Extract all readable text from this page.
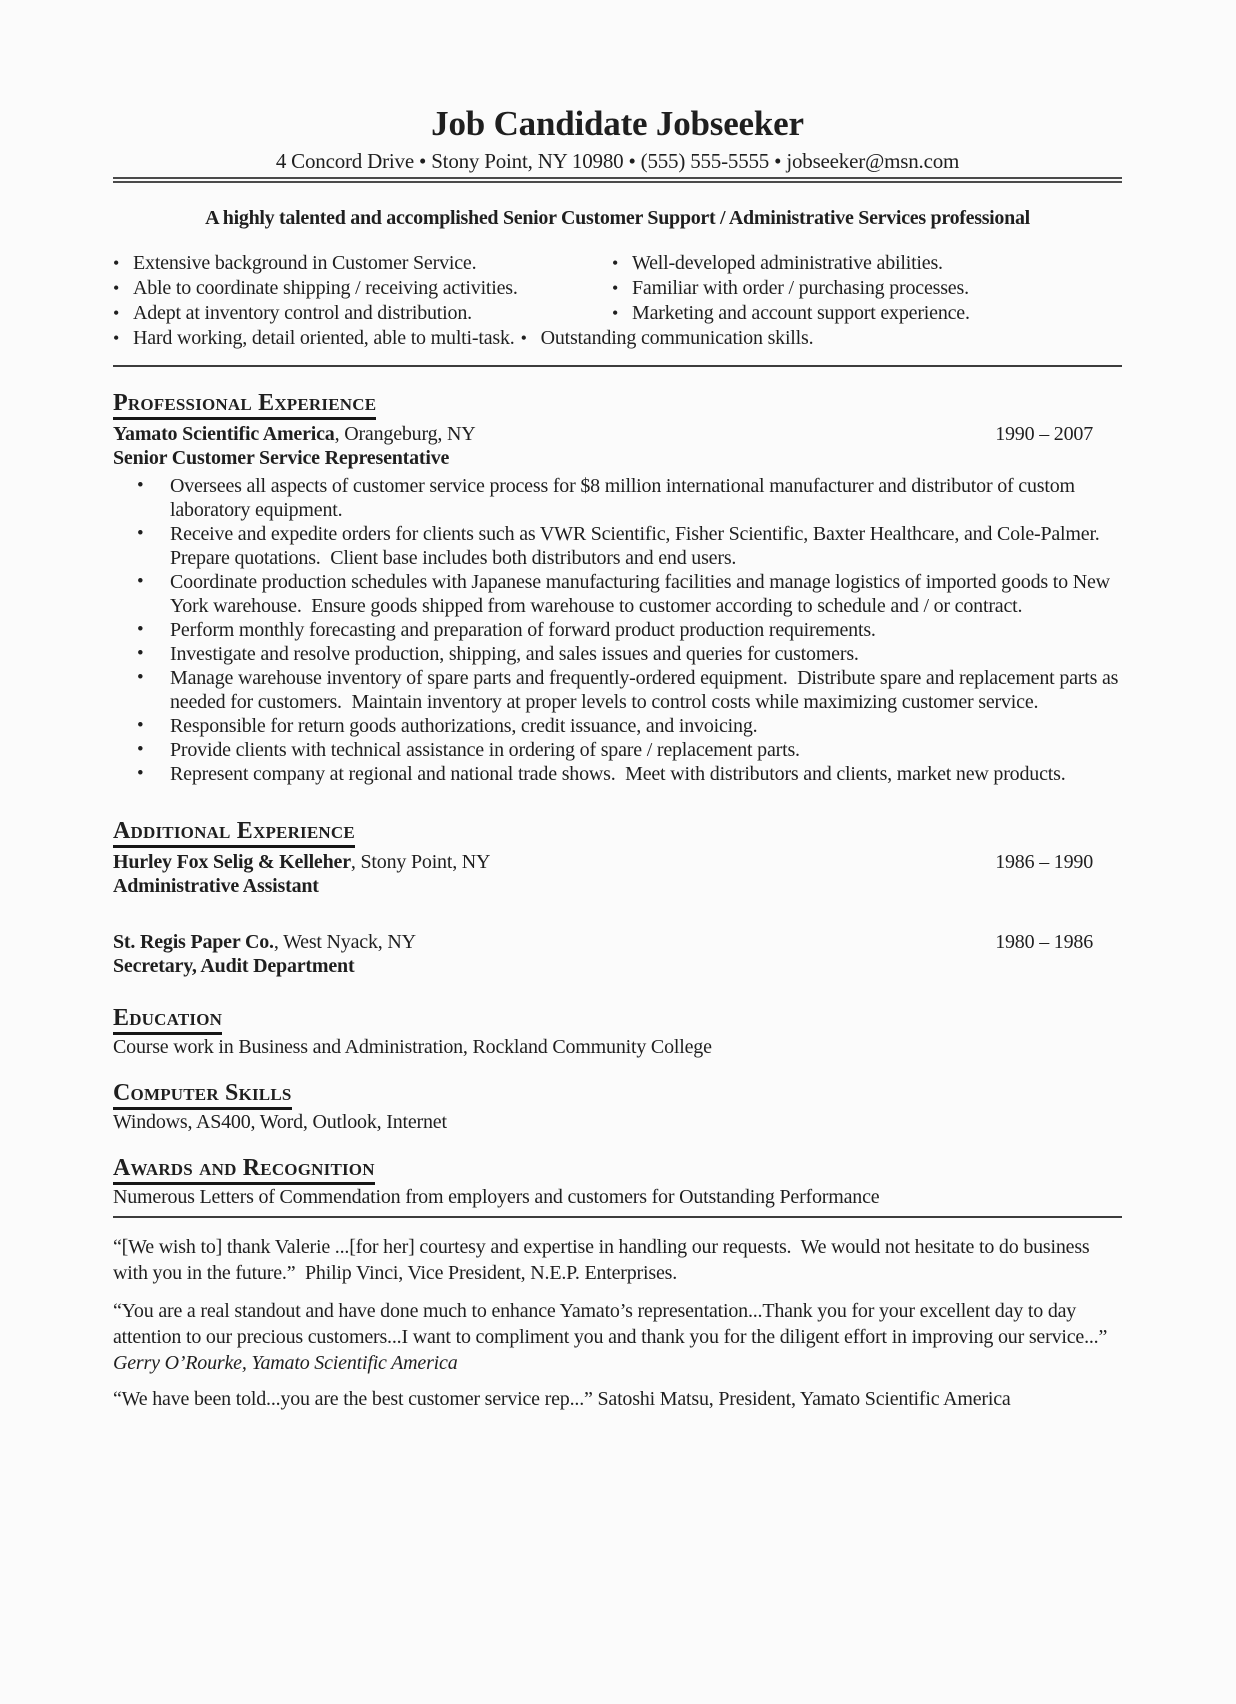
Job Candidate Jobseeker
4 Concord Drive • Stony Point, NY 10980 • (555) 555-5555 • jobseeker@msn.com
A highly talented and accomplished Senior Customer Support / Administrative Services professional
• Extensive background in Customer Service.	• Well-developed administrative abilities.
• Able to coordinate shipping / receiving activities.	• Familiar with order / purchasing processes.
• Adept at inventory control and distribution.	• Marketing and account support experience.
• Hard working, detail oriented, able to multi-task.	• Outstanding communication skills.
Professional Experience
Yamato Scientific America, Orangeburg, NY	1990 – 2007
Senior Customer Service Representative
• Oversees all aspects of customer service process for $8 million international manufacturer and distributor of custom laboratory equipment.
• Receive and expedite orders for clients such as VWR Scientific, Fisher Scientific, Baxter Healthcare, and Cole-Palmer.  Prepare quotations.  Client base includes both distributors and end users.
• Coordinate production schedules with Japanese manufacturing facilities and manage logistics of imported goods to New York warehouse.  Ensure goods shipped from warehouse to customer according to schedule and / or contract.
• Perform monthly forecasting and preparation of forward product production requirements.
• Investigate and resolve production, shipping, and sales issues and queries for customers.
• Manage warehouse inventory of spare parts and frequently-ordered equipment.  Distribute spare and replacement parts as needed for customers.  Maintain inventory at proper levels to control costs while maximizing customer service.
• Responsible for return goods authorizations, credit issuance, and invoicing.
• Provide clients with technical assistance in ordering of spare / replacement parts.
• Represent company at regional and national trade shows.  Meet with distributors and clients, market new products.
Additional Experience
Hurley Fox Selig & Kelleher, Stony Point, NY	1986 – 1990
Administrative Assistant
St. Regis Paper Co., West Nyack, NY	1980 – 1986
Secretary, Audit Department
Education
Course work in Business and Administration, Rockland Community College
Computer Skills
Windows, AS400, Word, Outlook, Internet
Awards and Recognition
Numerous Letters of Commendation from employers and customers for Outstanding Performance

“[We wish to] thank Valerie ...[for her] courtesy and expertise in handling our requests.  We would not hesitate to do business with you in the future.”  Philip Vinci, Vice President, N.E.P. Enterprises.

“You are a real standout and have done much to enhance Yamato’s representation...Thank you for your excellent day to day attention to our precious customers...I want to compliment you and thank you for the diligent effort in improving our service...”  Gerry O’Rourke, Yamato Scientific America

“We have been told...you are the best customer service rep...” Satoshi Matsu, President, Yamato Scientific America
